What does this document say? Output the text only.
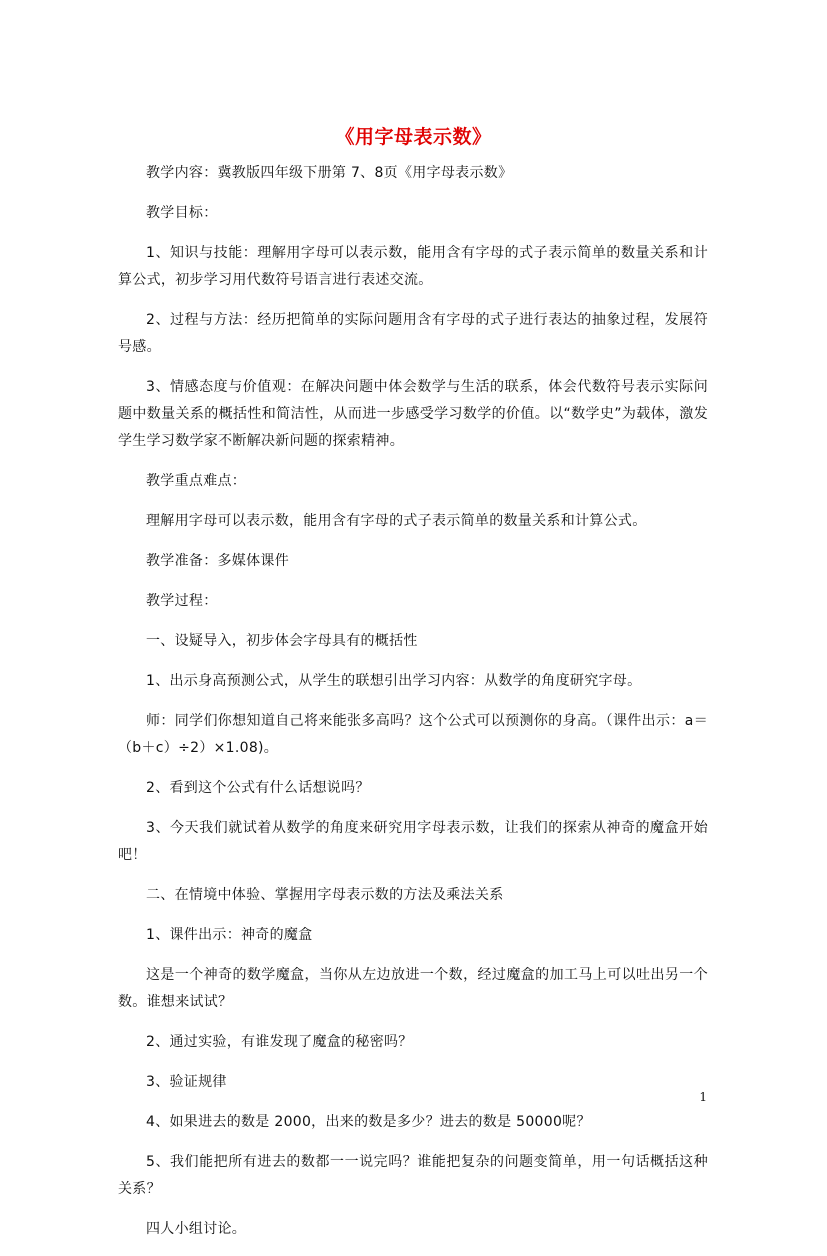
《用字母表示数》

教学内容：冀教版四年级下册第 7、8页《用字母表示数》

教学目标：

1、知识与技能：理解用字母可以表示数，能用含有字母的式子表示简单的数量关系和计算公式，初步学习用代数符号语言进行表述交流。

2、过程与方法：经历把简单的实际问题用含有字母的式子进行表达的抽象过程，发展符号感。

3、情感态度与价值观：在解决问题中体会数学与生活的联系，体会代数符号表示实际问题中数量关系的概括性和简洁性，从而进一步感受学习数学的价值。以“数学史”为载体，激发学生学习数学家不断解决新问题的探索精神。

教学重点难点：

理解用字母可以表示数，能用含有字母的式子表示简单的数量关系和计算公式。

教学准备：多媒体课件

教学过程：

一、设疑导入，初步体会字母具有的概括性

1、出示身高预测公式，从学生的联想引出学习内容：从数学的角度研究字母。

师：同学们你想知道自己将来能张多高吗？这个公式可以预测你的身高。（课件出示：a＝（b＋c）÷2）×1.08)。

2、看到这个公式有什么话想说吗？

3、今天我们就试着从数学的角度来研究用字母表示数，让我们的探索从神奇的魔盒开始吧！

二、在情境中体验、掌握用字母表示数的方法及乘法关系

1、课件出示：神奇的魔盒

这是一个神奇的数学魔盒，当你从左边放进一个数，经过魔盒的加工马上可以吐出另一个数。谁想来试试？

2、通过实验，有谁发现了魔盒的秘密吗？

3、验证规律

4、如果进去的数是 2000，出来的数是多少？进去的数是 50000呢？

5、我们能把所有进去的数都一一说完吗？谁能把复杂的问题变简单，用一句话概括这种关系？

四人小组讨论。

1
